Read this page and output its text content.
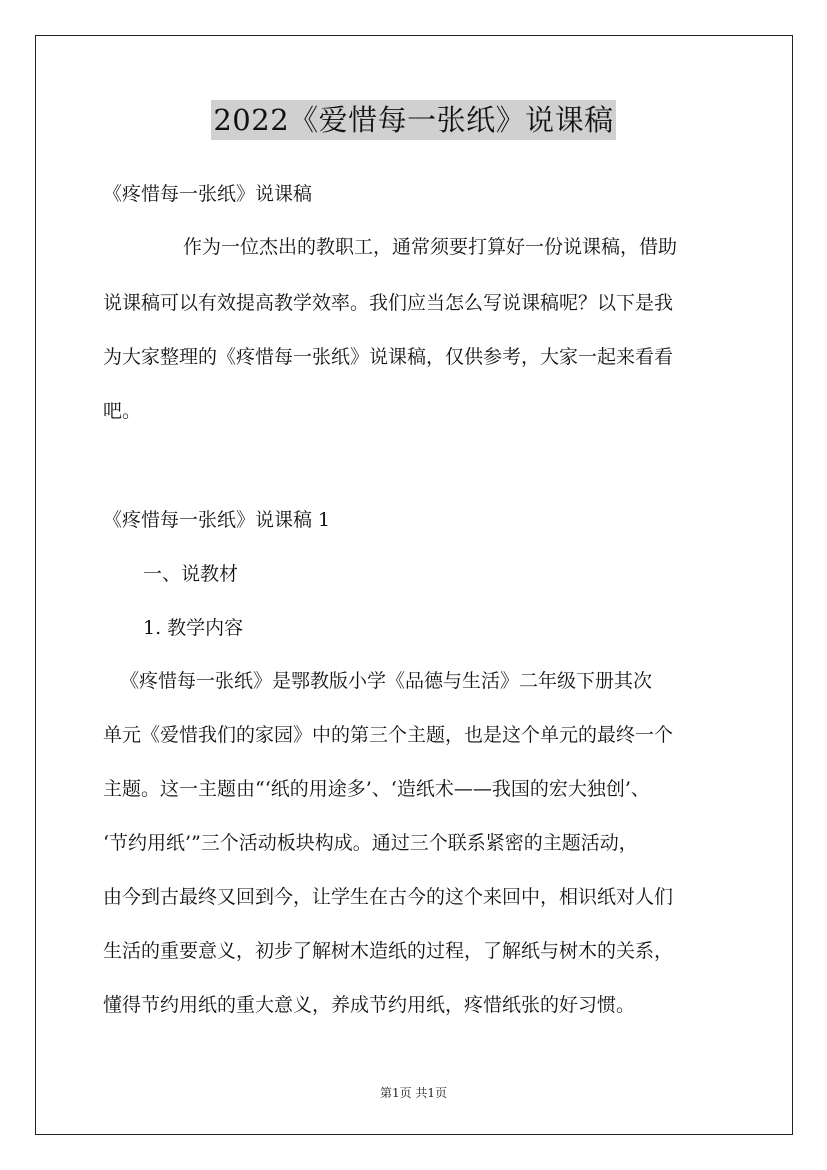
2022《爱惜每一张纸》说课稿
《疼惜每一张纸》说课稿
作为一位杰出的教职工，通常须要打算好一份说课稿，借助
说课稿可以有效提高教学效率。我们应当怎么写说课稿呢？以下是我
为大家整理的《疼惜每一张纸》说课稿，仅供参考，大家一起来看看
吧。
《疼惜每一张纸》说课稿 1
一、说教材
1. 教学内容
《疼惜每一张纸》是鄂教版小学《品德与生活》二年级下册其次
单元《爱惜我们的家园》中的第三个主题，也是这个单元的最终一个
主题。这一主题由“‘纸的用途多’、‘造纸术——我国的宏大独创’、
‘节约用纸’”三个活动板块构成。通过三个联系紧密的主题活动，
由今到古最终又回到今，让学生在古今的这个来回中，相识纸对人们
生活的重要意义，初步了解树木造纸的过程，了解纸与树木的关系，
懂得节约用纸的重大意义，养成节约用纸，疼惜纸张的好习惯。
第1页 共1页
